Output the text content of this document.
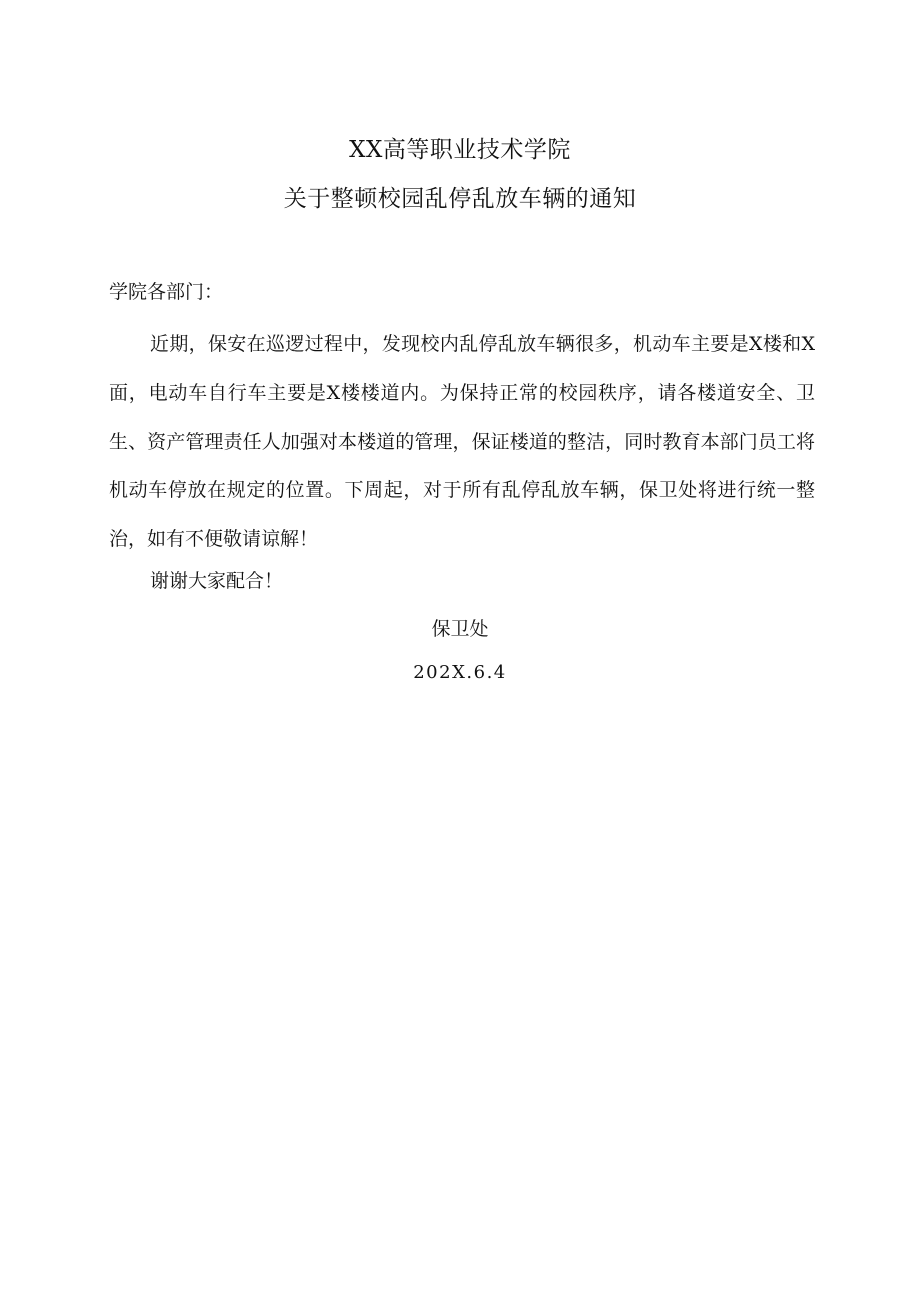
XX高等职业技术学院
关于整顿校园乱停乱放车辆的通知
学院各部门：

近期，保安在巡逻过程中，发现校内乱停乱放车辆很多，机动车主要是X楼和X面，电动车自行车主要是X楼楼道内。为保持正常的校园秩序，请各楼道安全、卫生、资产管理责任人加强对本楼道的管理，保证楼道的整洁，同时教育本部门员工将机动车停放在规定的位置。下周起，对于所有乱停乱放车辆，保卫处将进行统一整治，如有不便敬请谅解！

谢谢大家配合！
保卫处
202X.6.4
